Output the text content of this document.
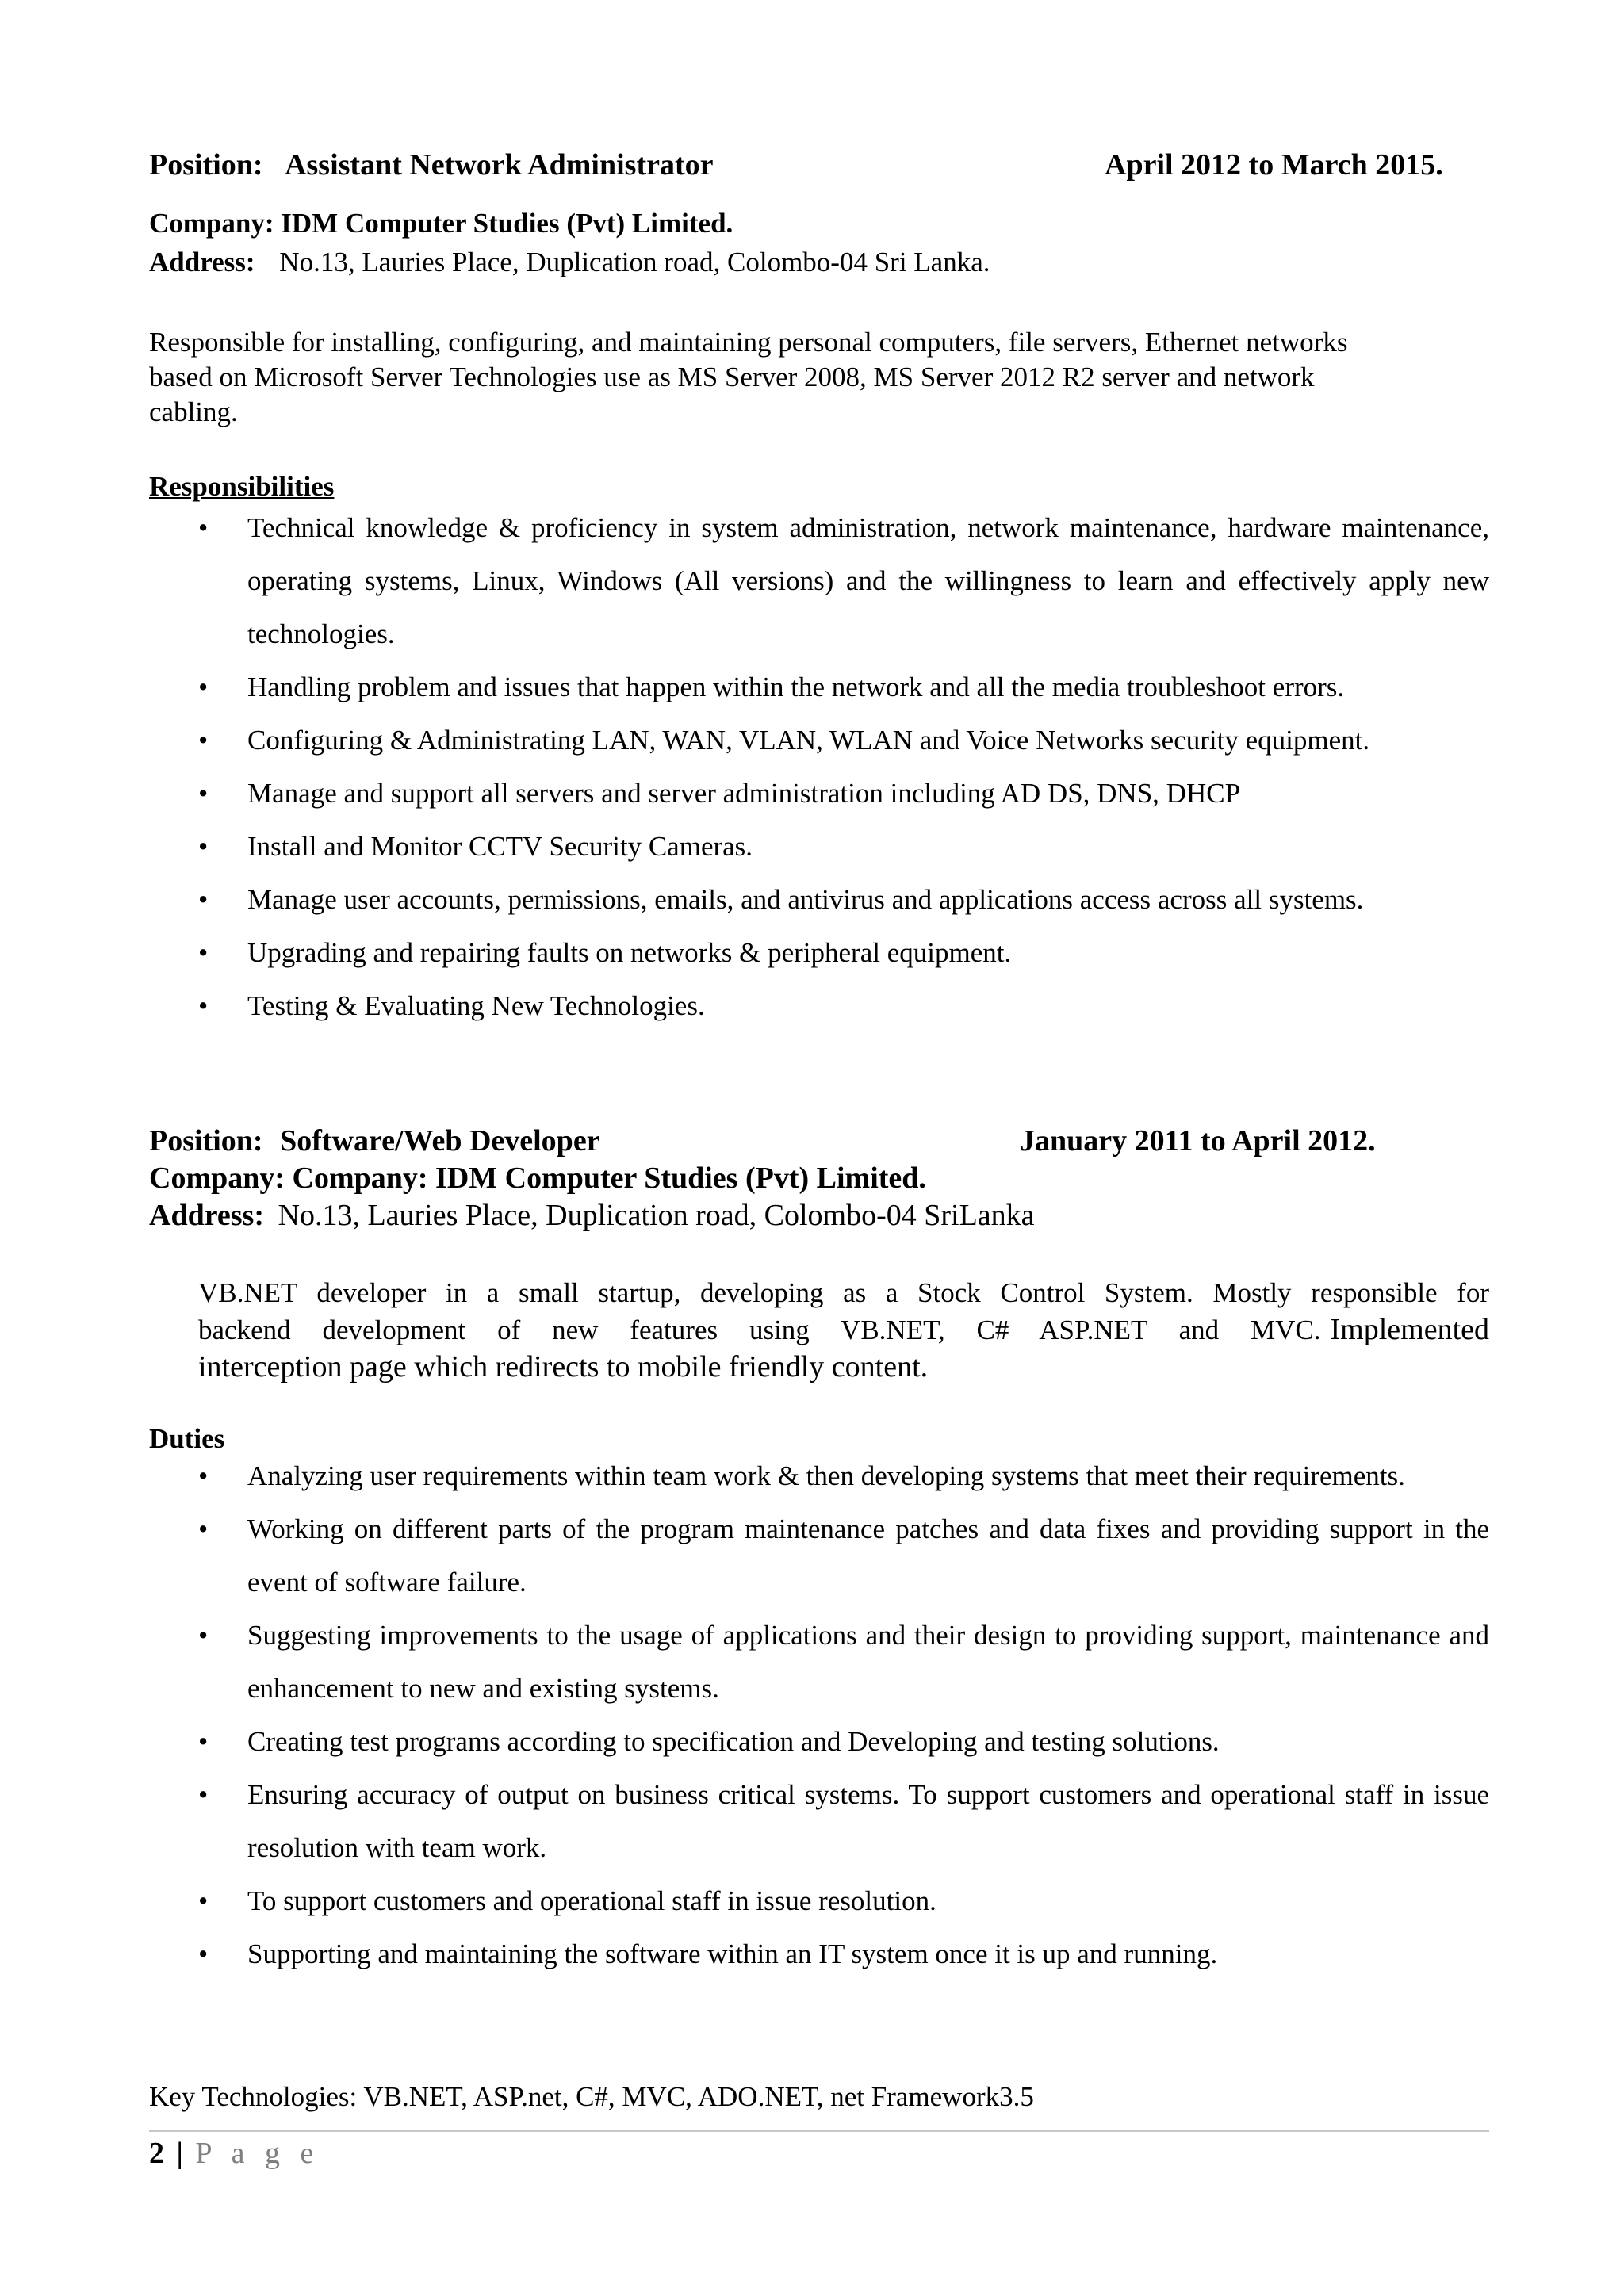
Position: Assistant Network Administrator	April 2012 to March 2015.
Company: IDM Computer Studies (Pvt) Limited.
Address: No.13, Lauries Place, Duplication road, Colombo-04 Sri Lanka.
Responsible for installing, configuring, and maintaining personal computers, file servers, Ethernet networks
based on Microsoft Server Technologies use as MS Server 2008, MS Server 2012 R2 server and network
cabling.
Responsibilities
• Technical knowledge & proficiency in system administration, network maintenance, hardware maintenance, operating systems, Linux, Windows (All versions) and the willingness to learn and effectively apply new technologies.
• Handling problem and issues that happen within the network and all the media troubleshoot errors.
• Configuring & Administrating LAN, WAN, VLAN, WLAN and Voice Networks security equipment.
• Manage and support all servers and server administration including AD DS, DNS, DHCP
• Install and Monitor CCTV Security Cameras.
• Manage user accounts, permissions, emails, and antivirus and applications access across all systems.
• Upgrading and repairing faults on networks & peripheral equipment.
• Testing & Evaluating New Technologies.
Position: Software/Web Developer	January 2011 to April 2012.
Company: Company: IDM Computer Studies (Pvt) Limited.
Address: No.13, Lauries Place, Duplication road, Colombo-04 SriLanka
VB.NET developer in a small startup, developing as a Stock Control System. Mostly responsible for
backend development of new features using VB.NET, C# ASP.NET and MVC. Implemented
interception page which redirects to mobile friendly content.
Duties
• Analyzing user requirements within team work & then developing systems that meet their requirements.
• Working on different parts of the program maintenance patches and data fixes and providing support in the event of software failure.
• Suggesting improvements to the usage of applications and their design to providing support, maintenance and enhancement to new and existing systems.
• Creating test programs according to specification and Developing and testing solutions.
• Ensuring accuracy of output on business critical systems. To support customers and operational staff in issue resolution with team work.
• To support customers and operational staff in issue resolution.
• Supporting and maintaining the software within an IT system once it is up and running.
Key Technologies: VB.NET, ASP.net, C#, MVC, ADO.NET, net Framework3.5
2 | P a g e
